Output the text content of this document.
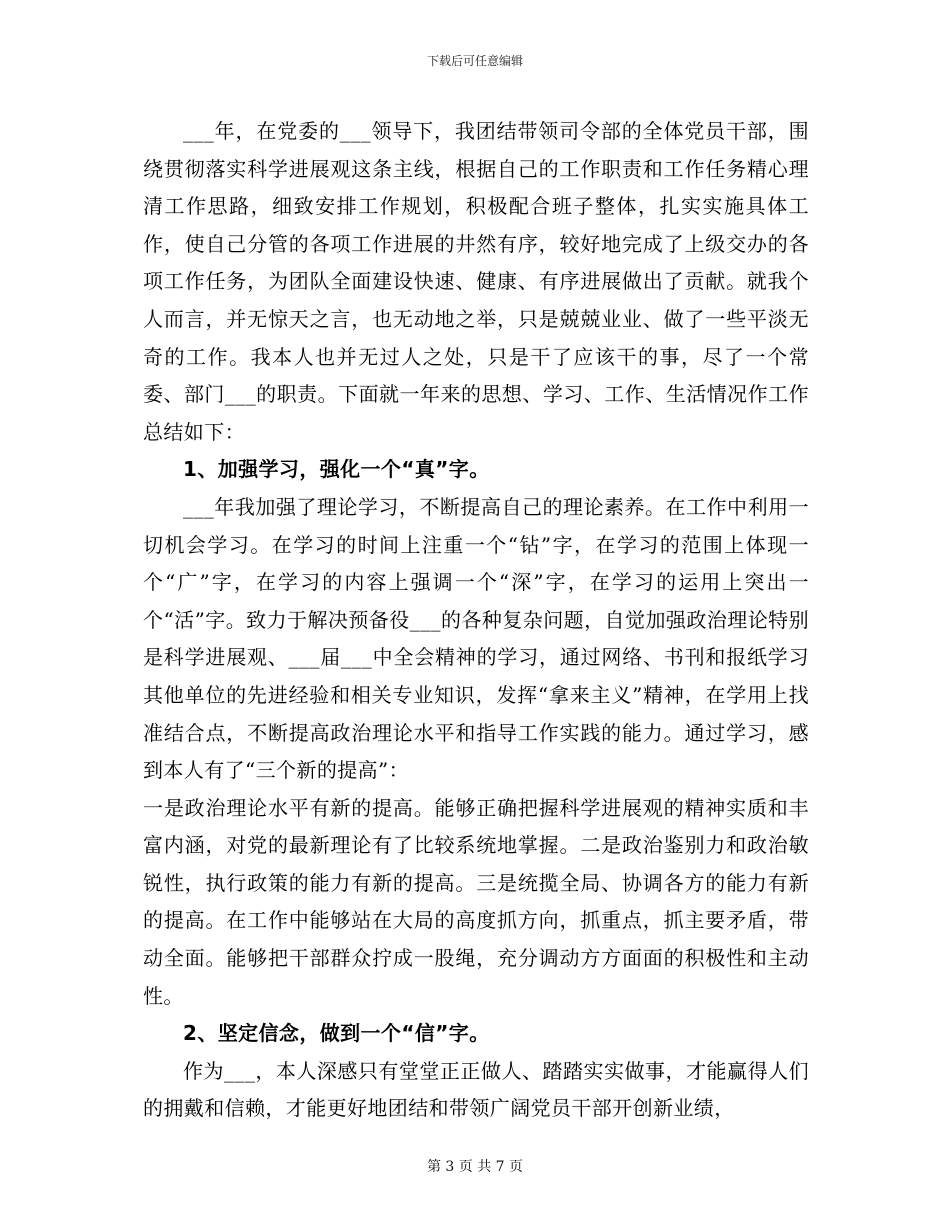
下载后可任意编辑

___年，在党委的___领导下，我团结带领司令部的全体党员干部，围绕贯彻落实科学进展观这条主线，根据自己的工作职责和工作任务精心理清工作思路，细致安排工作规划，积极配合班子整体，扎实实施具体工作，使自己分管的各项工作进展的井然有序，较好地完成了上级交办的各项工作任务，为团队全面建设快速、健康、有序进展做出了贡献。就我个人而言，并无惊天之言，也无动地之举，只是兢兢业业、做了一些平淡无奇的工作。我本人也并无过人之处，只是干了应该干的事，尽了一个常委、部门___的职责。下面就一年来的思想、学习、工作、生活情况作工作总结如下：

1、加强学习，强化一个“真”字。

___年我加强了理论学习，不断提高自己的理论素养。在工作中利用一切机会学习。在学习的时间上注重一个“钻”字，在学习的范围上体现一个“广”字，在学习的内容上强调一个“深”字，在学习的运用上突出一个“活”字。致力于解决预备役___的各种复杂问题，自觉加强政治理论特别是科学进展观、___届___中全会精神的学习，通过网络、书刊和报纸学习其他单位的先进经验和相关专业知识，发挥“拿来主义”精神，在学用上找准结合点，不断提高政治理论水平和指导工作实践的能力。通过学习，感到本人有了“三个新的提高”：

一是政治理论水平有新的提高。能够正确把握科学进展观的精神实质和丰富内涵，对党的最新理论有了比较系统地掌握。二是政治鉴别力和政治敏锐性，执行政策的能力有新的提高。三是统揽全局、协调各方的能力有新的提高。在工作中能够站在大局的高度抓方向，抓重点，抓主要矛盾，带动全面。能够把干部群众拧成一股绳，充分调动方方面面的积极性和主动性。

2、坚定信念，做到一个“信”字。

作为___，本人深感只有堂堂正正做人、踏踏实实做事，才能赢得人们的拥戴和信赖，才能更好地团结和带领广阔党员干部开创新业绩，

第 3 页 共 7 页
